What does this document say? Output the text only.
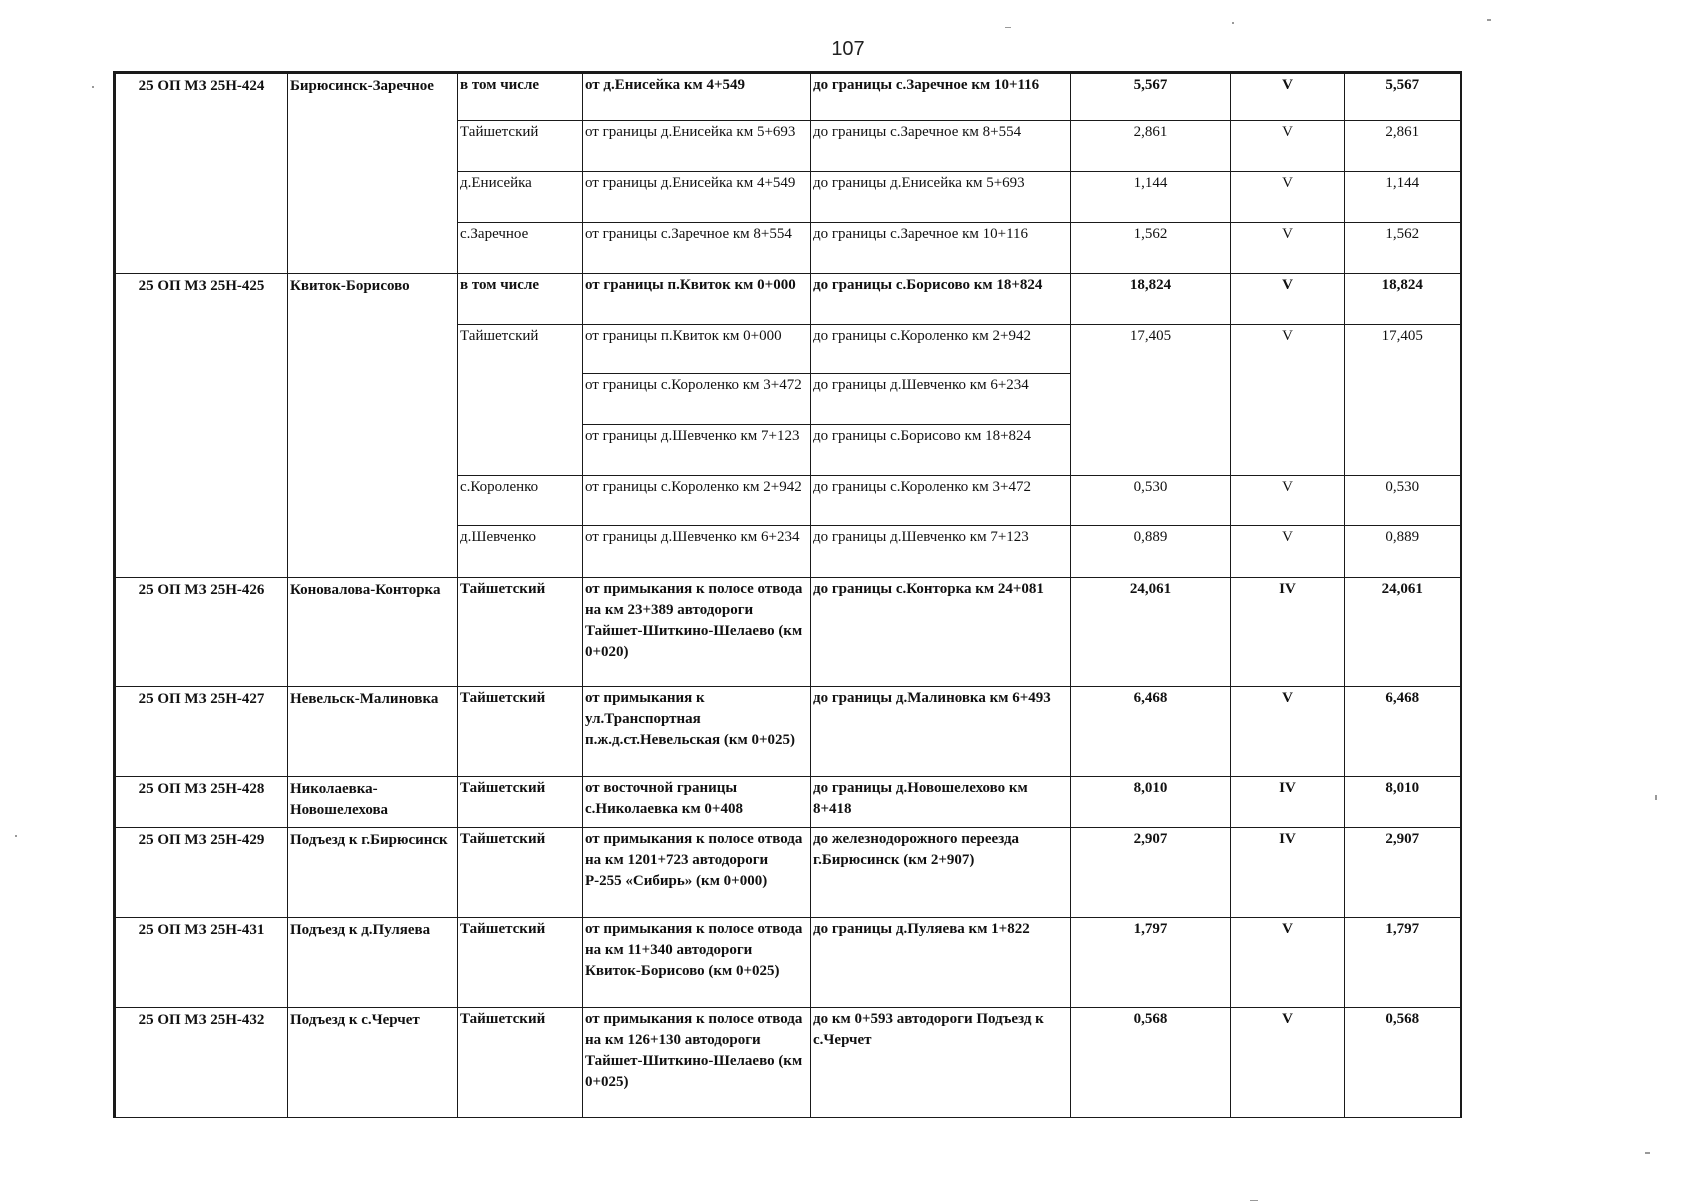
107
25 ОП МЗ 25Н-424	Бирюсинск-Заречное	в том числе	от д.Енисейка км 4+549	до границы с.Заречное км 10+116	5,567	V	5,567
		Тайшетский	от границы д.Енисейка км 5+693	до границы с.Заречное км 8+554	2,861	V	2,861
		д.Енисейка	от границы д.Енисейка км 4+549	до границы д.Енисейка км 5+693	1,144	V	1,144
		с.Заречное	от границы с.Заречное км 8+554	до границы с.Заречное км 10+116	1,562	V	1,562
25 ОП МЗ 25Н-425	Квиток-Борисово	в том числе	от границы п.Квиток км 0+000	до границы с.Борисово км 18+824	18,824	V	18,824
		Тайшетский	от границы п.Квиток км 0+000	до границы с.Короленко км 2+942	17,405	V	17,405
			от границы с.Короленко км 3+472	до границы д.Шевченко км 6+234			
			от границы д.Шевченко км 7+123	до границы с.Борисово км 18+824			
		с.Короленко	от границы с.Короленко км 2+942	до границы с.Короленко км 3+472	0,530	V	0,530
		д.Шевченко	от границы д.Шевченко км 6+234	до границы д.Шевченко км 7+123	0,889	V	0,889
25 ОП МЗ 25Н-426	Коновалова-Конторка	Тайшетский	от примыкания к полосе отвода на км 23+389 автодороги Тайшет-Шиткино-Шелаево (км 0+020)	до границы с.Конторка км 24+081	24,061	IV	24,061
25 ОП МЗ 25Н-427	Невельск-Малиновка	Тайшетский	от примыкания к ул.Транспортная п.ж.д.ст.Невельская (км 0+025)	до границы д.Малиновка км 6+493	6,468	V	6,468
25 ОП МЗ 25Н-428	Николаевка-Новошелехова	Тайшетский	от восточной границы с.Николаевка км 0+408	до границы д.Новошелехово км 8+418	8,010	IV	8,010
25 ОП МЗ 25Н-429	Подъезд к г.Бирюсинск	Тайшетский	от примыкания к полосе отвода на км 1201+723 автодороги Р-255 «Сибирь» (км 0+000)	до железнодорожного переезда г.Бирюсинск (км 2+907)	2,907	IV	2,907
25 ОП МЗ 25Н-431	Подъезд к д.Пуляева	Тайшетский	от примыкания к полосе отвода на км 11+340 автодороги Квиток-Борисово (км 0+025)	до границы д.Пуляева км 1+822	1,797	V	1,797
25 ОП МЗ 25Н-432	Подъезд к с.Черчет	Тайшетский	от примыкания к полосе отвода на км 126+130 автодороги Тайшет-Шиткино-Шелаево (км 0+025)	до км 0+593 автодороги Подъезд к с.Черчет	0,568	V	0,568
